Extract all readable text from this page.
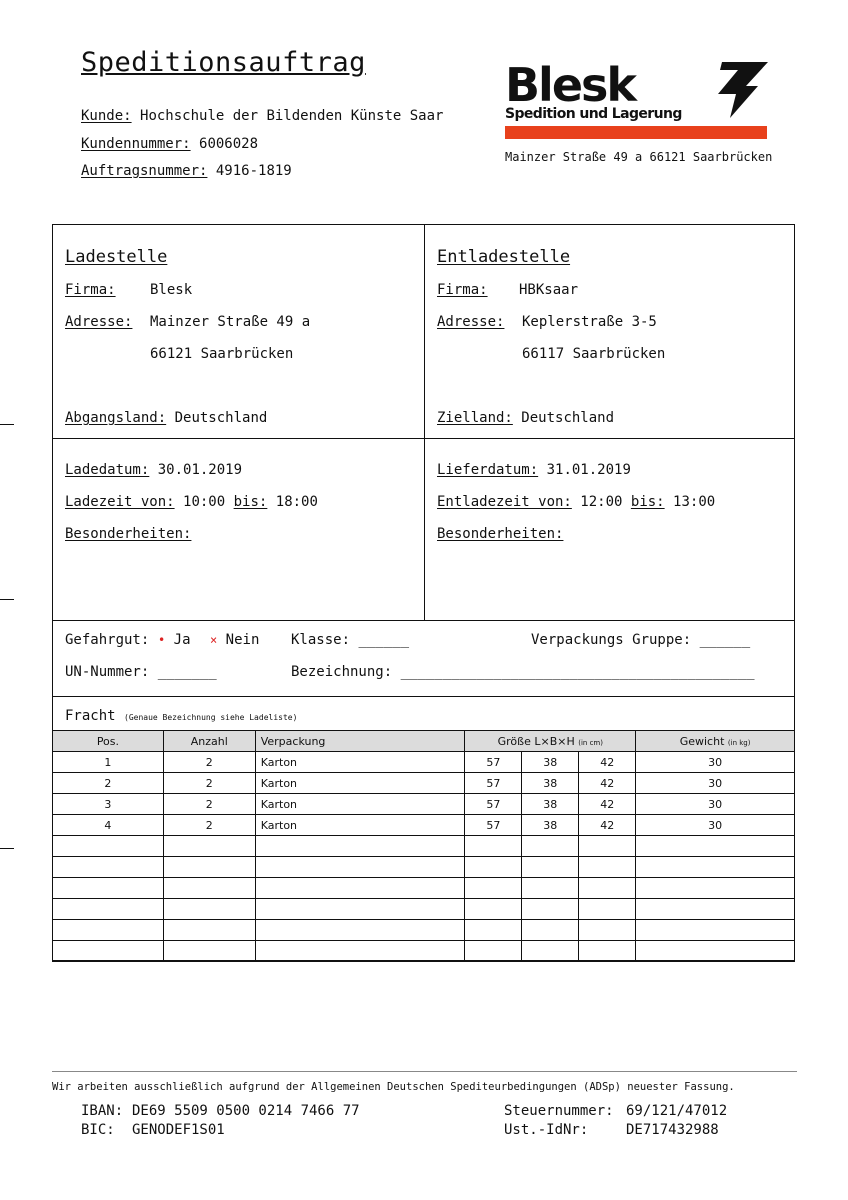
Speditionsauftrag
Kunde: Hochschule der Bildenden Künste Saar
Kundennummer: 6006028
Auftragsnummer: 4916-1819
Blesk
Spedition und Lagerung
Mainzer Straße 49 a 66121 Saarbrücken
Ladestelle
Firma: Blesk
Adresse: Mainzer Straße 49 a
66121 Saarbrücken
Abgangsland: Deutschland
Entladestelle
Firma: HBKsaar
Adresse: Keplerstraße 3-5
66117 Saarbrücken
Zielland: Deutschland
Ladedatum: 30.01.2019
Ladezeit von: 10:00 bis: 18:00
Besonderheiten:
Lieferdatum: 31.01.2019
Entladezeit von: 12:00 bis: 13:00
Besonderheiten:
Gefahrgut: • Ja × Nein Klasse: ______	Verpackungs Gruppe: ______
UN-Nummer: _______	Bezeichnung: __________________________________________
Fracht (Genaue Bezeichnung siehe Ladeliste)
Pos.	Anzahl	Verpackung	Größe L×B×H (in cm)			Gewicht (in kg)
1	2	Karton	57	38	42	30
2	2	Karton	57	38	42	30
3	2	Karton	57	38	42	30
4	2	Karton	57	38	42	30

Wir arbeiten ausschließlich aufgrund der Allgemeinen Deutschen Spediteurbedingungen (ADSp) neuester Fassung.
IBAN: DE69 5509 0500 0214 7466 77
BIC: GENODEF1S01
Steuernummer: 69/121/47012
Ust.-IdNr:	DE717432988
